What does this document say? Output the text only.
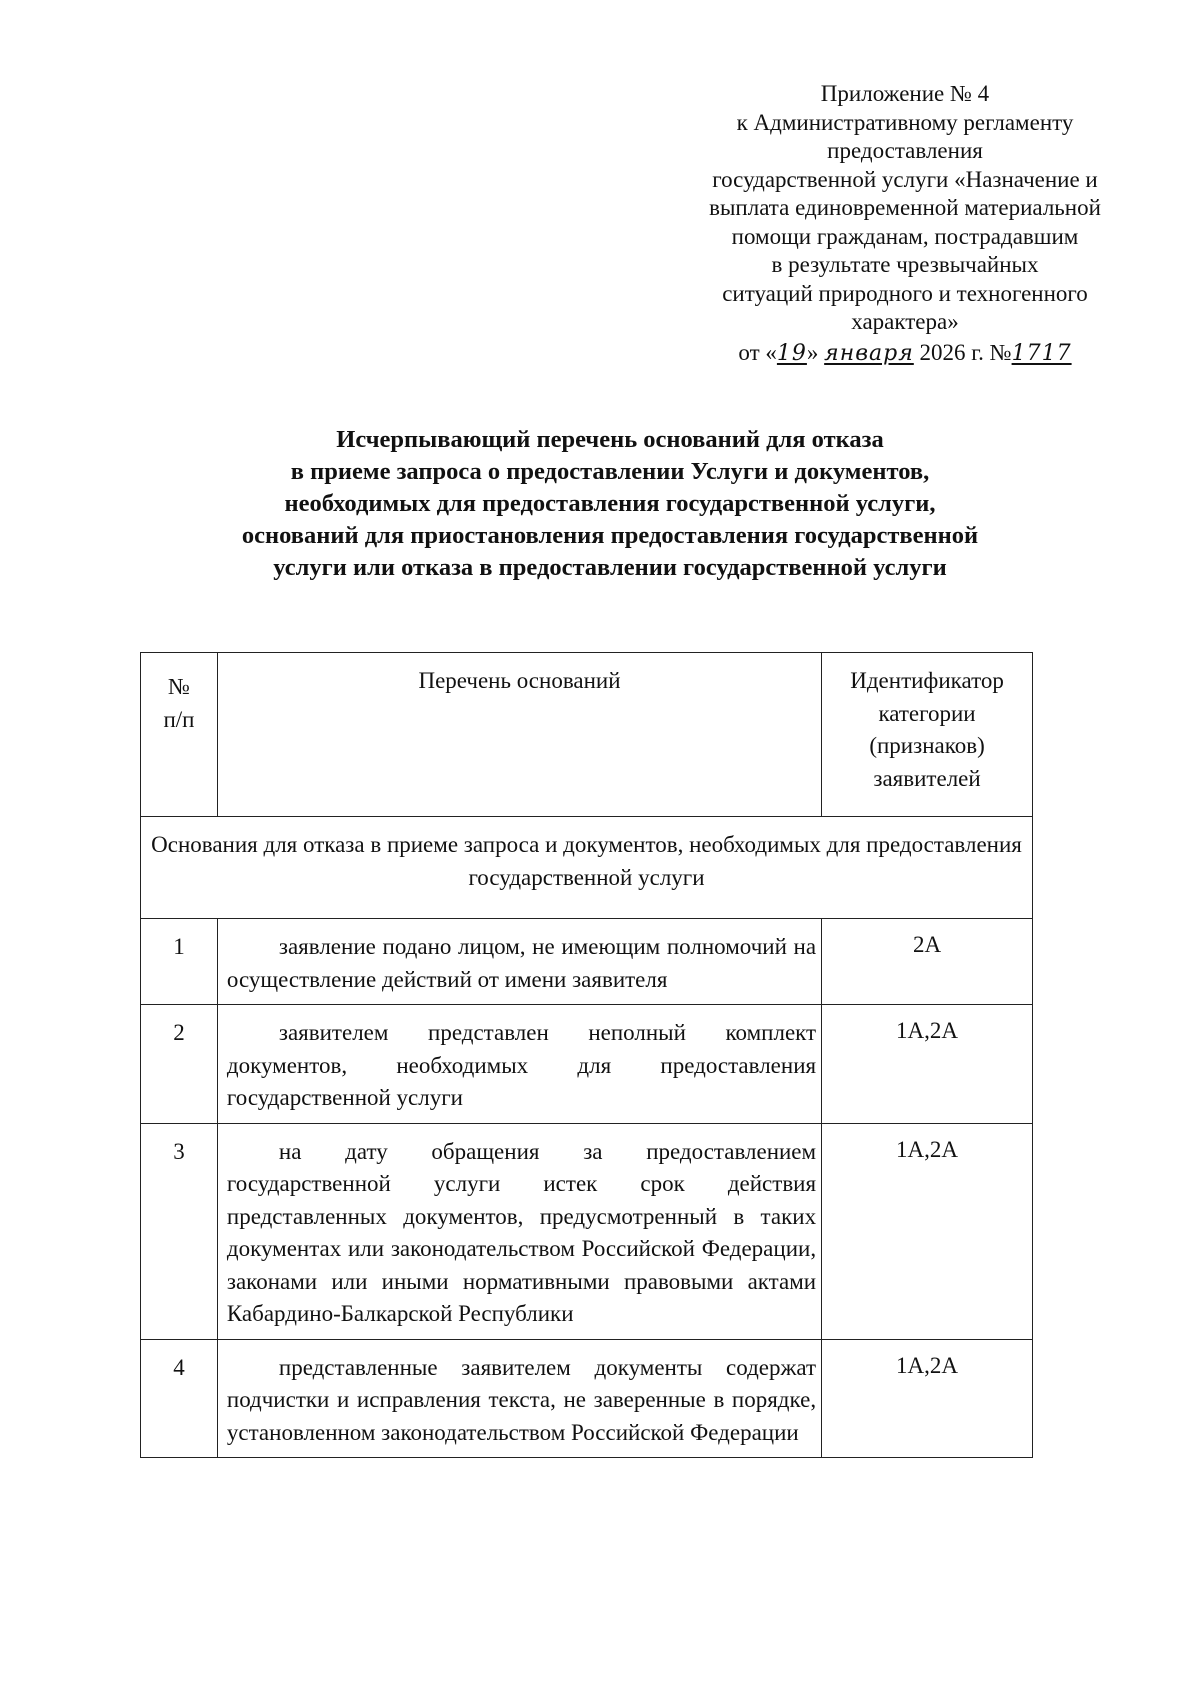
Приложение № 4
к Административному регламенту
предоставления
государственной услуги «Назначение и
выплата единовременной материальной
помощи гражданам, пострадавшим
в результате чрезвычайных
ситуаций природного и техногенного
характера»
от «19» января 2026 г. №1717
Исчерпывающий перечень оснований для отказа
в приеме запроса о предоставлении Услуги и документов,
необходимых для предоставления государственной услуги,
оснований для приостановления предоставления государственной
услуги или отказа в предоставлении государственной услуги
№
п/п	Перечень оснований	Идентификатор категории (признаков) заявителей
Основания для отказа в приеме запроса и документов, необходимых для предоставления государственной услуги		
1	заявление подано лицом, не имеющим полномочий на осуществление действий от имени заявителя	2А
2	заявителем представлен неполный комплект документов, необходимых для предоставления государственной услуги	1А,2А
3	на дату обращения за предоставлением государственной услуги истек срок действия представленных документов, предусмотренный в таких документах или законодательством Российской Федерации, законами или иными нормативными правовыми актами Кабардино-Балкарской Республики	1А,2А
4	представленные заявителем документы содержат подчистки и исправления текста, не заверенные в порядке, установленном законодательством Российской Федерации	1А,2А
